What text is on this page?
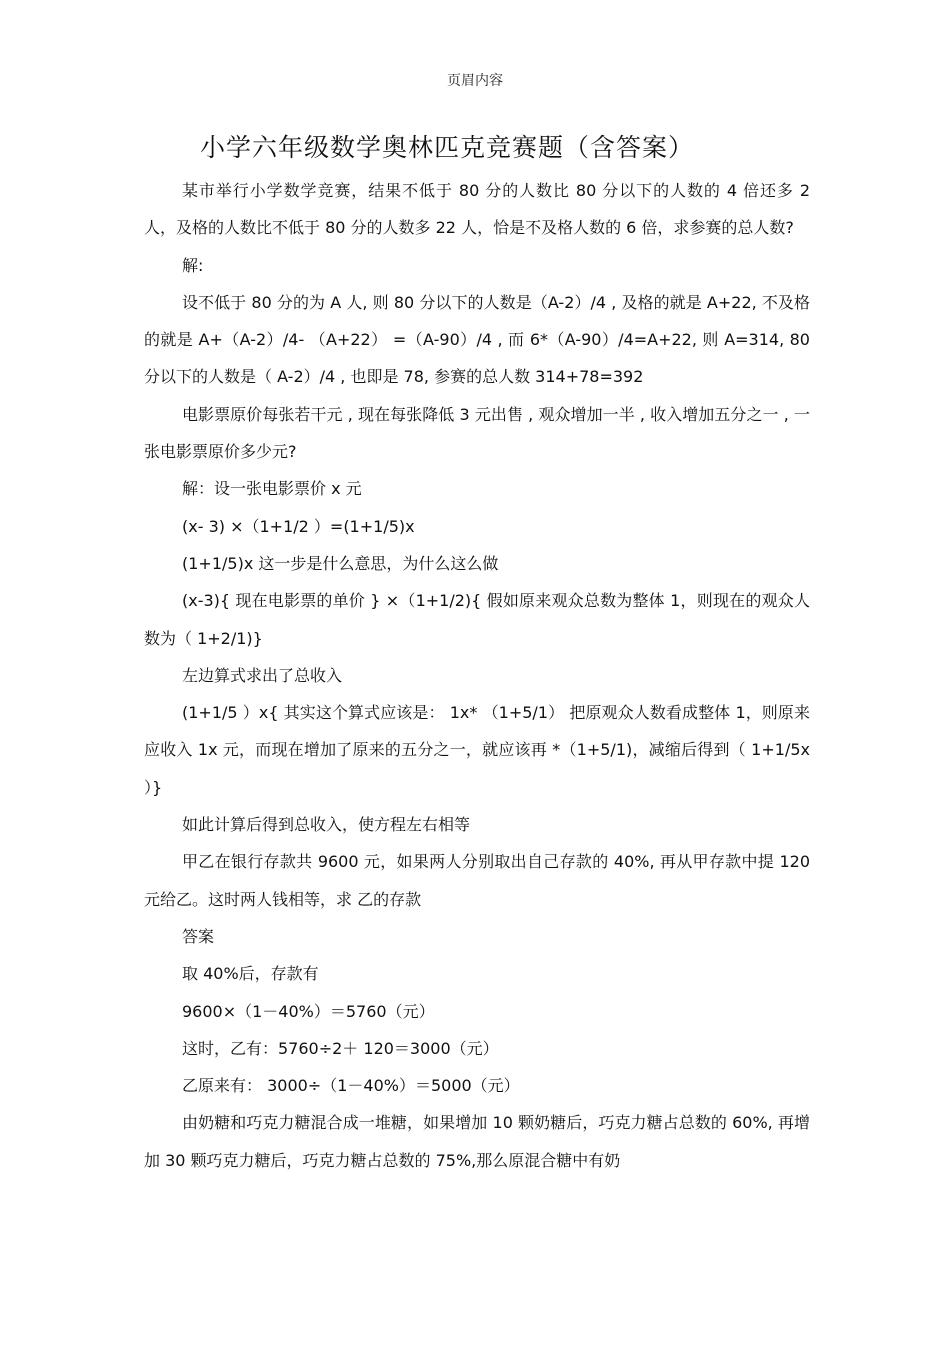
页眉内容
小学六年级数学奥林匹克竞赛题（含答案）

某市举行小学数学竞赛，结果不低于 80 分的人数比 80 分以下的人数的 4 倍还多 2 人，及格的人数比不低于 80 分的人数多 22 人，恰是不及格人数的 6 倍，求参赛的总人数?

解:

设不低于 80 分的为 A 人, 则 80 分以下的人数是（A-2）/4 , 及格的就是 A+22, 不及格的就是 A+（A-2）/4- （A+22） =（A-90）/4 , 而 6*（A-90）/4=A+22, 则 A=314, 80 分以下的人数是（ A-2）/4 , 也即是 78, 参赛的总人数 314+78=392

电影票原价每张若干元 , 现在每张降低 3 元出售 , 观众增加一半 , 收入增加五分之一 , 一张电影票原价多少元?

解：设一张电影票价 x 元

(x- 3) ×（1+1/2 ）=(1+1/5)x

(1+1/5)x 这一步是什么意思，为什么这么做

(x-3){ 现在电影票的单价 } ×（1+1/2){ 假如原来观众总数为整体 1，则现在的观众人数为（ 1+2/1)}

左边算式求出了总收入

(1+1/5 ）x{ 其实这个算式应该是： 1x* （1+5/1） 把原观众人数看成整体 1，则原来应收入 1x 元，而现在增加了原来的五分之一，就应该再 *（1+5/1)，减缩后得到（ 1+1/5x ）}

如此计算后得到总收入，使方程左右相等

甲乙在银行存款共 9600 元，如果两人分别取出自己存款的 40%, 再从甲存款中提 120 元给乙。这时两人钱相等，求 乙的存款

答案

取 40%后，存款有

9600×（1－40%）＝5760（元）

这时，乙有：5760÷2＋ 120＝3000（元）

乙原来有： 3000÷（1－40%）＝5000（元）

由奶糖和巧克力糖混合成一堆糖，如果增加 10 颗奶糖后，巧克力糖占总数的 60%, 再增加 30 颗巧克力糖后，巧克力糖占总数的 75%,那么原混合糖中有奶
